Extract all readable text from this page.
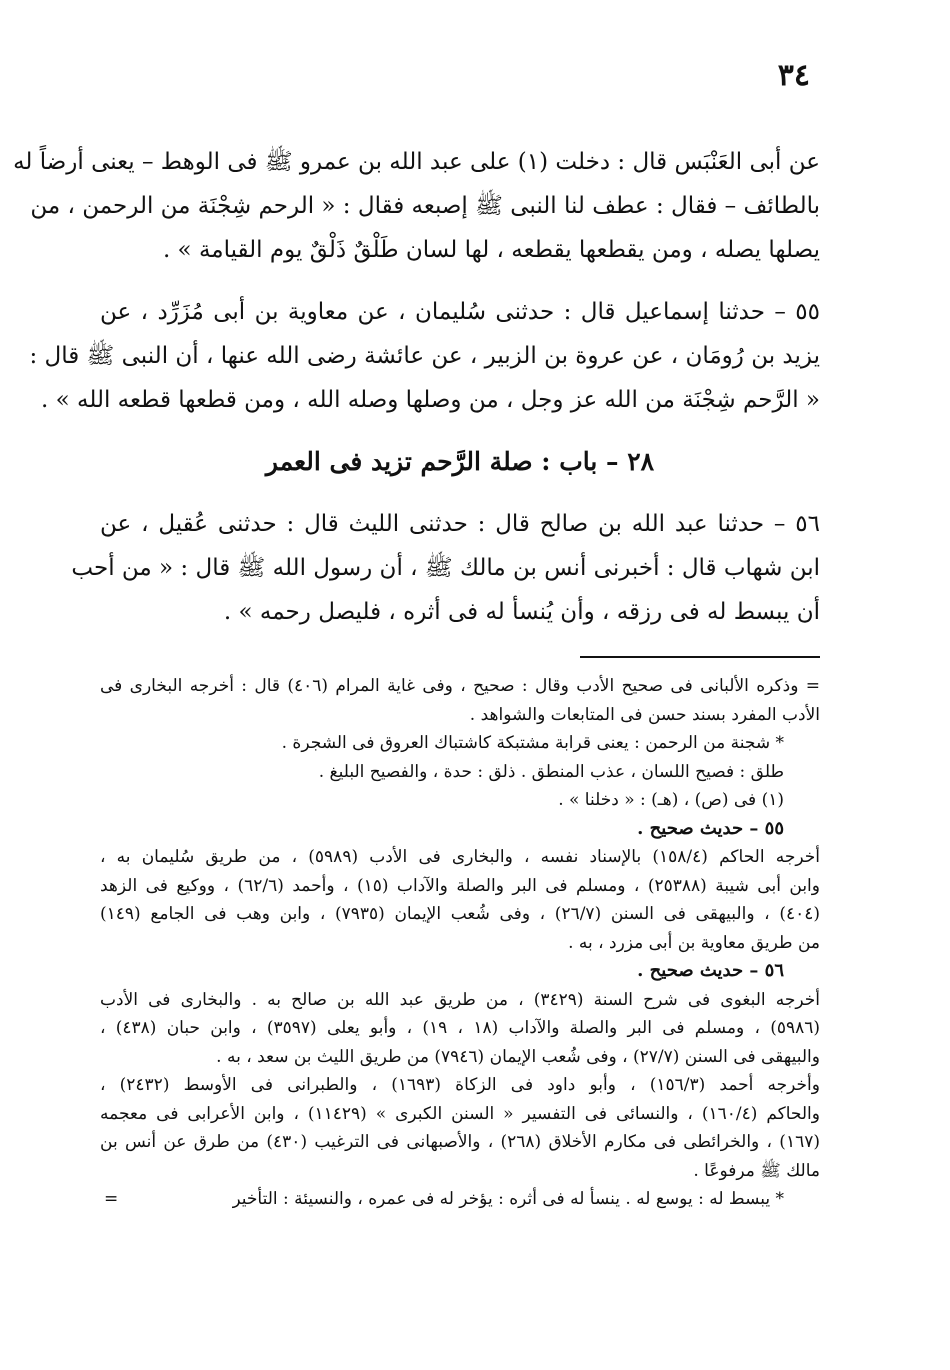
٣٤
عن أبى العَنْبَس قال : دخلت (١) على عبد الله بن عمرو ﷺ فى الوهط – يعنى أرضاً له
بالطائف – فقال : عطف لنا النبى ﷺ إصبعه فقال : « الرحم شِجْنَة من الرحمن ، من
يصلها يصله ، ومن يقطعها يقطعه ، لها لسان طَلْقٌ ذَلْقٌ يوم القيامة » .
٥٥ – حدثنا إسماعيل قال : حدثنى سُليمان ، عن معاوية بن أبى مُزَرِّد ، عن
يزيد بن رُومَان ، عن عروة بن الزبير ، عن عائشة رضى الله عنها ، أن النبى ﷺ قال :
« الرَّحم شِجْنَة من الله عز وجل ، من وصلها وصله الله ، ومن قطعها قطعه الله » .
٢٨ – باب : صلة الرَّحم تزيد فى العمر
٥٦ – حدثنا عبد الله بن صالح قال : حدثنى الليث قال : حدثنى عُقيل ، عن
ابن شهاب قال : أخبرنى أنس بن مالك ﷺ ، أن رسول الله ﷺ قال : « من أحب
أن يبسط له فى رزقه ، وأن يُنسأ له فى أثره ، فليصل رحمه » .
= وذكره الألبانى فى صحيح الأدب وقال : صحيح ، وفى غاية المرام (٤٠٦) قال : أخرجه البخارى فى
الأدب المفرد بسند حسن فى المتابعات والشواهد .
* شجنة من الرحمن : يعنى قرابة مشتبكة كاشتباك العروق فى الشجرة .
طلق : فصيح اللسان ، عذب المنطق . ذلق : حدة ، والفصيح البليغ .
(١) فى (ص) ، (هـ) : « دخلنا » .
٥٥ – حديث صحيح .
أخرجه الحاكم (١٥٨/٤) بالإسناد نفسه ، والبخارى فى الأدب (٥٩٨٩) ، من طريق سُليمان به ،
وابن أبى شيبة (٢٥٣٨٨) ، ومسلم فى البر والصلة والآداب (١٥) ، وأحمد (٦٢/٦) ، ووكيع فى الزهد
(٤٠٤) ، والبيهقى فى السنن (٢٦/٧) ، وفى شُعب الإيمان (٧٩٣٥) ، وابن وهب فى الجامع (١٤٩)
من طريق معاوية بن أبى مزرد ، به .
٥٦ – حديث صحيح .
أخرجه البغوى فى شرح السنة (٣٤٢٩) ، من طريق عبد الله بن صالح به . والبخارى فى الأدب
(٥٩٨٦) ، ومسلم فى البر والصلة والآداب (١٨ ، ١٩) ، وأبو يعلى (٣٥٩٧) ، وابن حبان (٤٣٨) ،
والبيهقى فى السنن (٢٧/٧) ، وفى شُعب الإيمان (٧٩٤٦) من طريق الليث بن سعد ، به .
وأخرجه أحمد (١٥٦/٣) ، وأبو داود فى الزكاة (١٦٩٣) ، والطبرانى فى الأوسط (٢٤٣٢) ،
والحاكم (١٦٠/٤) ، والنسائى فى التفسير « السنن الكبرى » (١١٤٢٩) ، وابن الأعرابى فى معجمه
(١٦٧) ، والخرائطى فى مكارم الأخلاق (٢٦٨) ، والأصبهانى فى الترغيب (٤٣٠) من طرق عن أنس بن
مالك ﷺ مرفوعًا .
* يبسط له : يوسع له . ينسأ له فى أثره : يؤخر له فى عمره ، والنسيئة : التأخير
=
